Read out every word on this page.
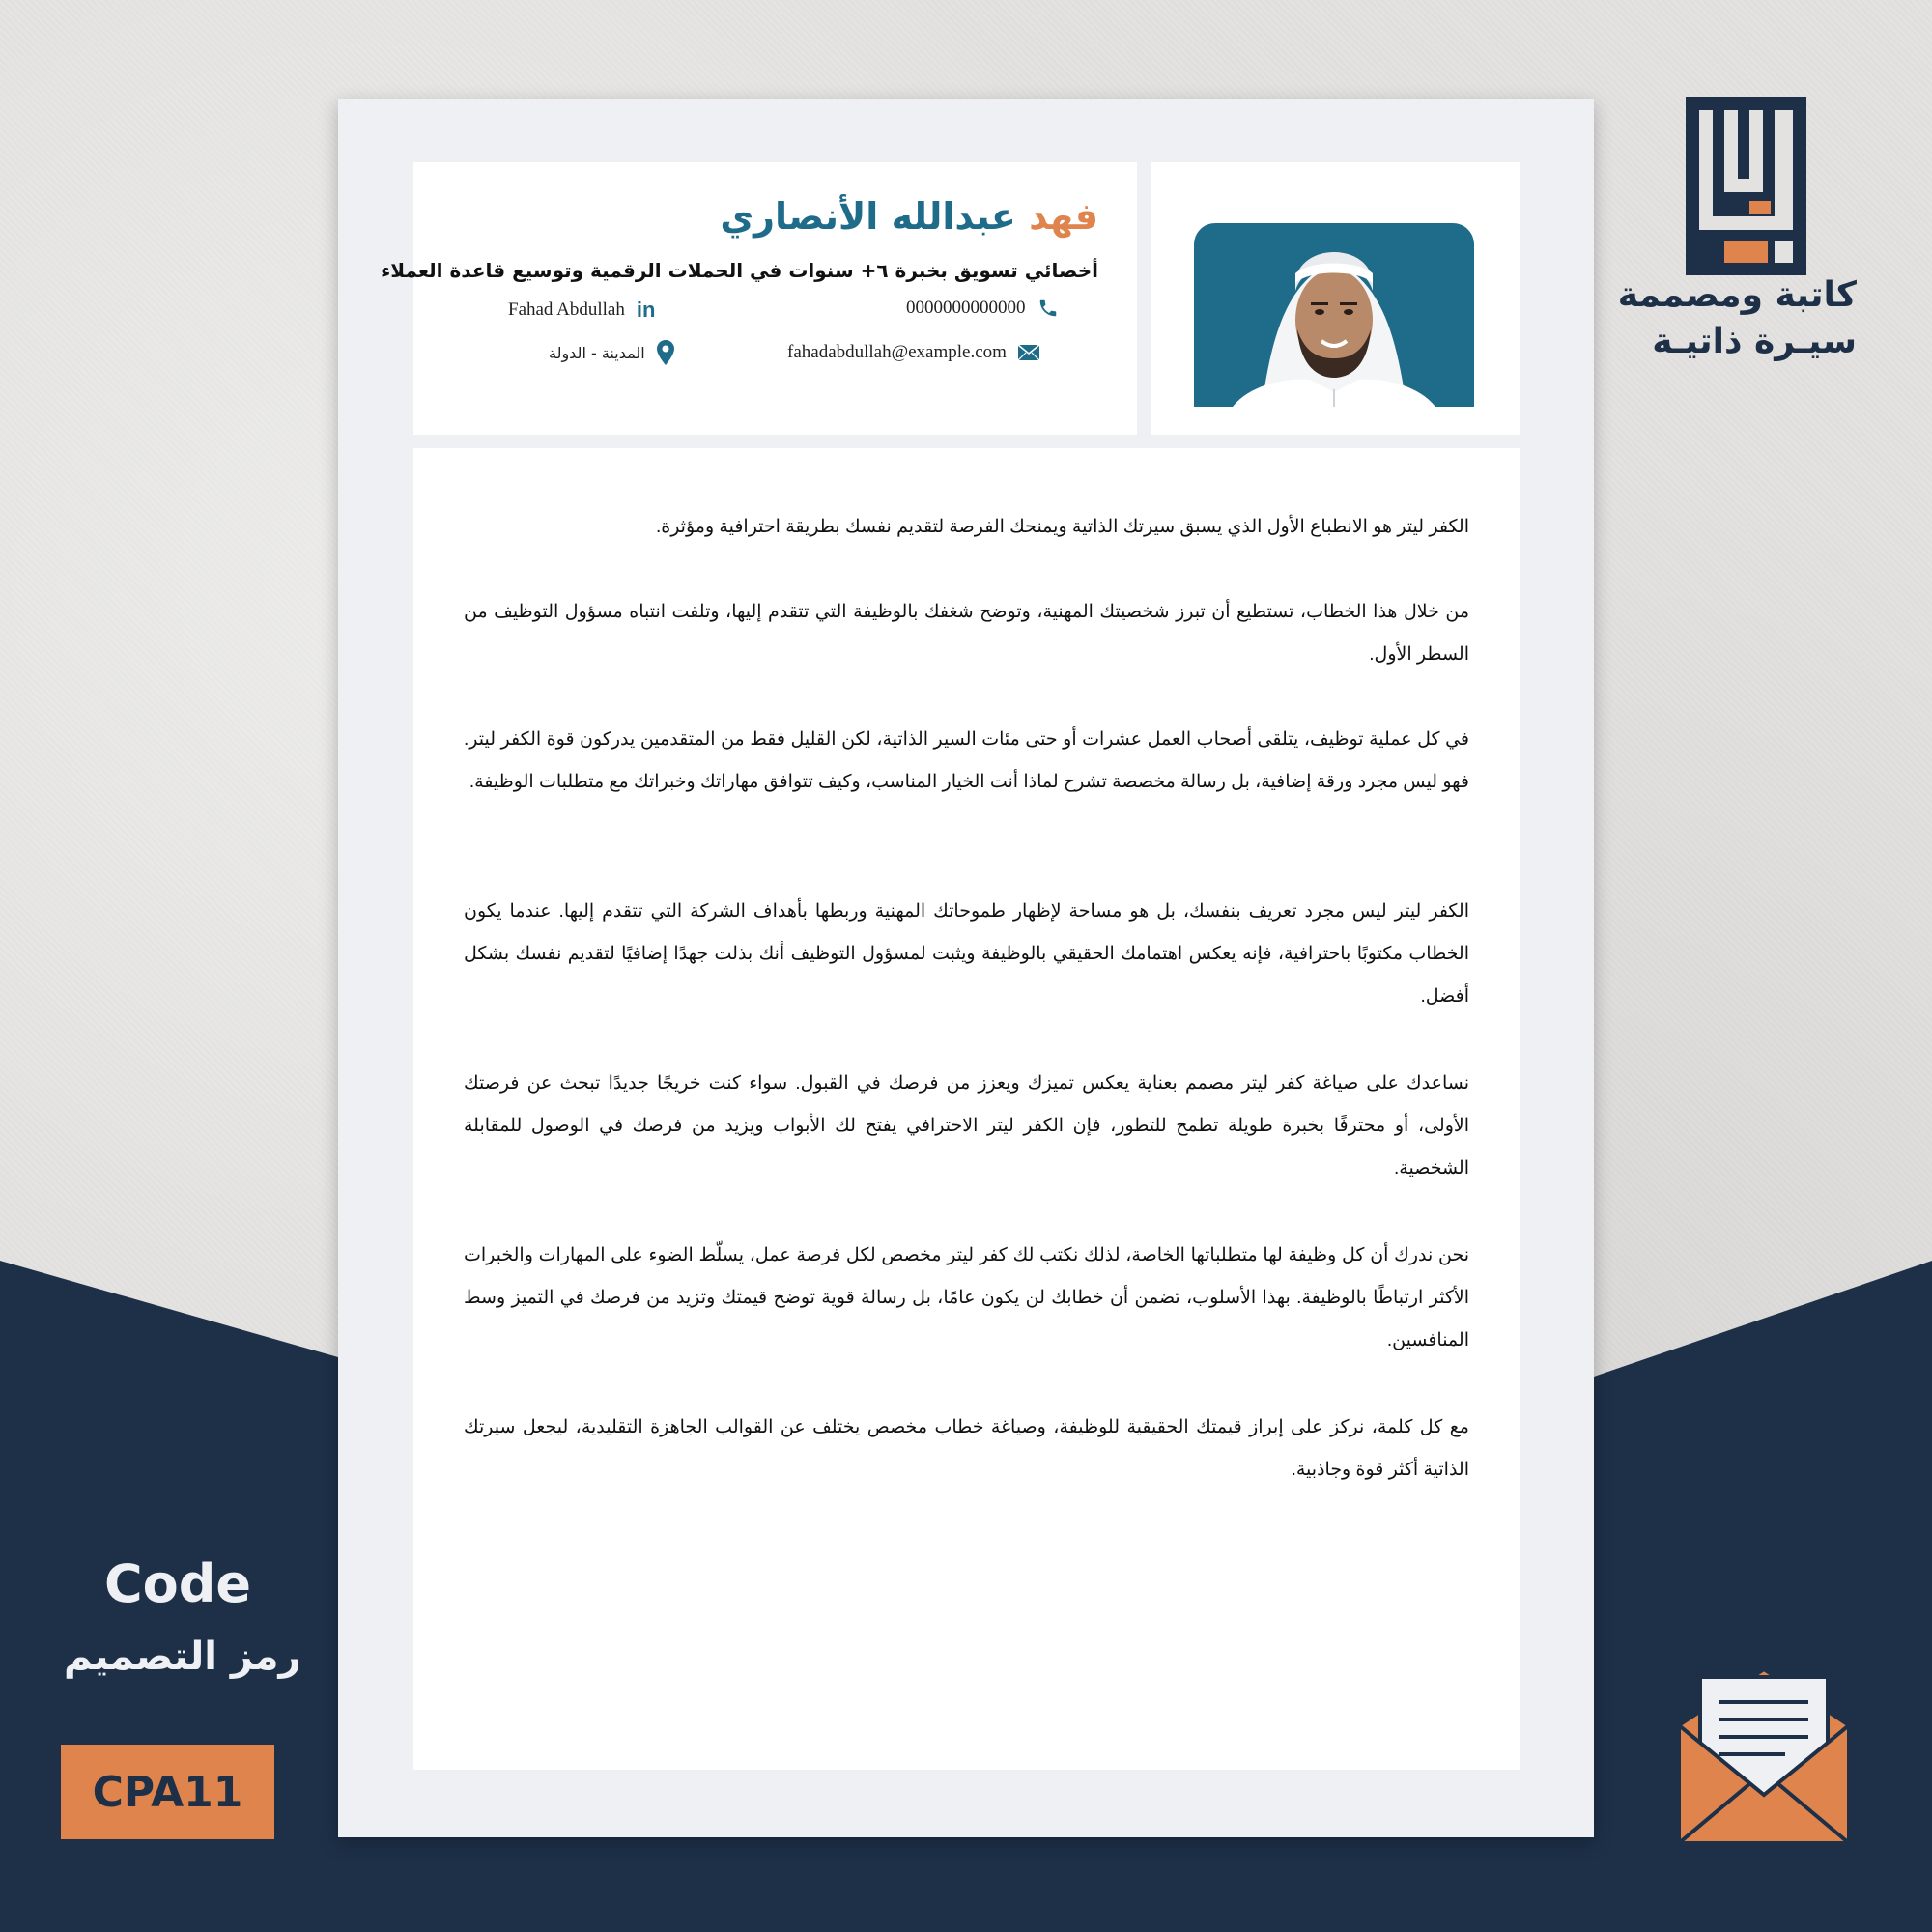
كاتبة ومصممة
سيـرة ذاتيـة
فهد عبدالله الأنصاري
أخصائي تسويق بخبرة ٦+ سنوات في الحملات الرقمية وتوسيع قاعدة العملاء
0000000000000
fahadabdullah@example.com
Fahad Abdullah in
المدينة - الدولة

الكفر ليتر هو الانطباع الأول الذي يسبق سيرتك الذاتية ويمنحك الفرصة لتقديم نفسك بطريقة احترافية ومؤثرة.

من خلال هذا الخطاب، تستطيع أن تبرز شخصيتك المهنية، وتوضح شغفك بالوظيفة التي تتقدم إليها، وتلفت انتباه مسؤول التوظيف من السطر الأول.

في كل عملية توظيف، يتلقى أصحاب العمل عشرات أو حتى مئات السير الذاتية، لكن القليل فقط من المتقدمين يدركون قوة الكفر ليتر. فهو ليس مجرد ورقة إضافية، بل رسالة مخصصة تشرح لماذا أنت الخيار المناسب، وكيف تتوافق مهاراتك وخبراتك مع متطلبات الوظيفة.

الكفر ليتر ليس مجرد تعريف بنفسك، بل هو مساحة لإظهار طموحاتك المهنية وربطها بأهداف الشركة التي تتقدم إليها. عندما يكون الخطاب مكتوبًا باحترافية، فإنه يعكس اهتمامك الحقيقي بالوظيفة ويثبت لمسؤول التوظيف أنك بذلت جهدًا إضافيًا لتقديم نفسك بشكل أفضل.

نساعدك على صياغة كفر ليتر مصمم بعناية يعكس تميزك ويعزز من فرصك في القبول. سواء كنت خريجًا جديدًا تبحث عن فرصتك الأولى، أو محترفًا بخبرة طويلة تطمح للتطور، فإن الكفر ليتر الاحترافي يفتح لك الأبواب ويزيد من فرصك في الوصول للمقابلة الشخصية.

نحن ندرك أن كل وظيفة لها متطلباتها الخاصة، لذلك نكتب لك كفر ليتر مخصص لكل فرصة عمل، يسلّط الضوء على المهارات والخبرات الأكثر ارتباطًا بالوظيفة. بهذا الأسلوب، تضمن أن خطابك لن يكون عامًا، بل رسالة قوية توضح قيمتك وتزيد من فرصك في التميز وسط المنافسين.

مع كل كلمة، نركز على إبراز قيمتك الحقيقية للوظيفة، وصياغة خطاب مخصص يختلف عن القوالب الجاهزة التقليدية، ليجعل سيرتك الذاتية أكثر قوة وجاذبية.

Code
رمز التصميم
CPA11
